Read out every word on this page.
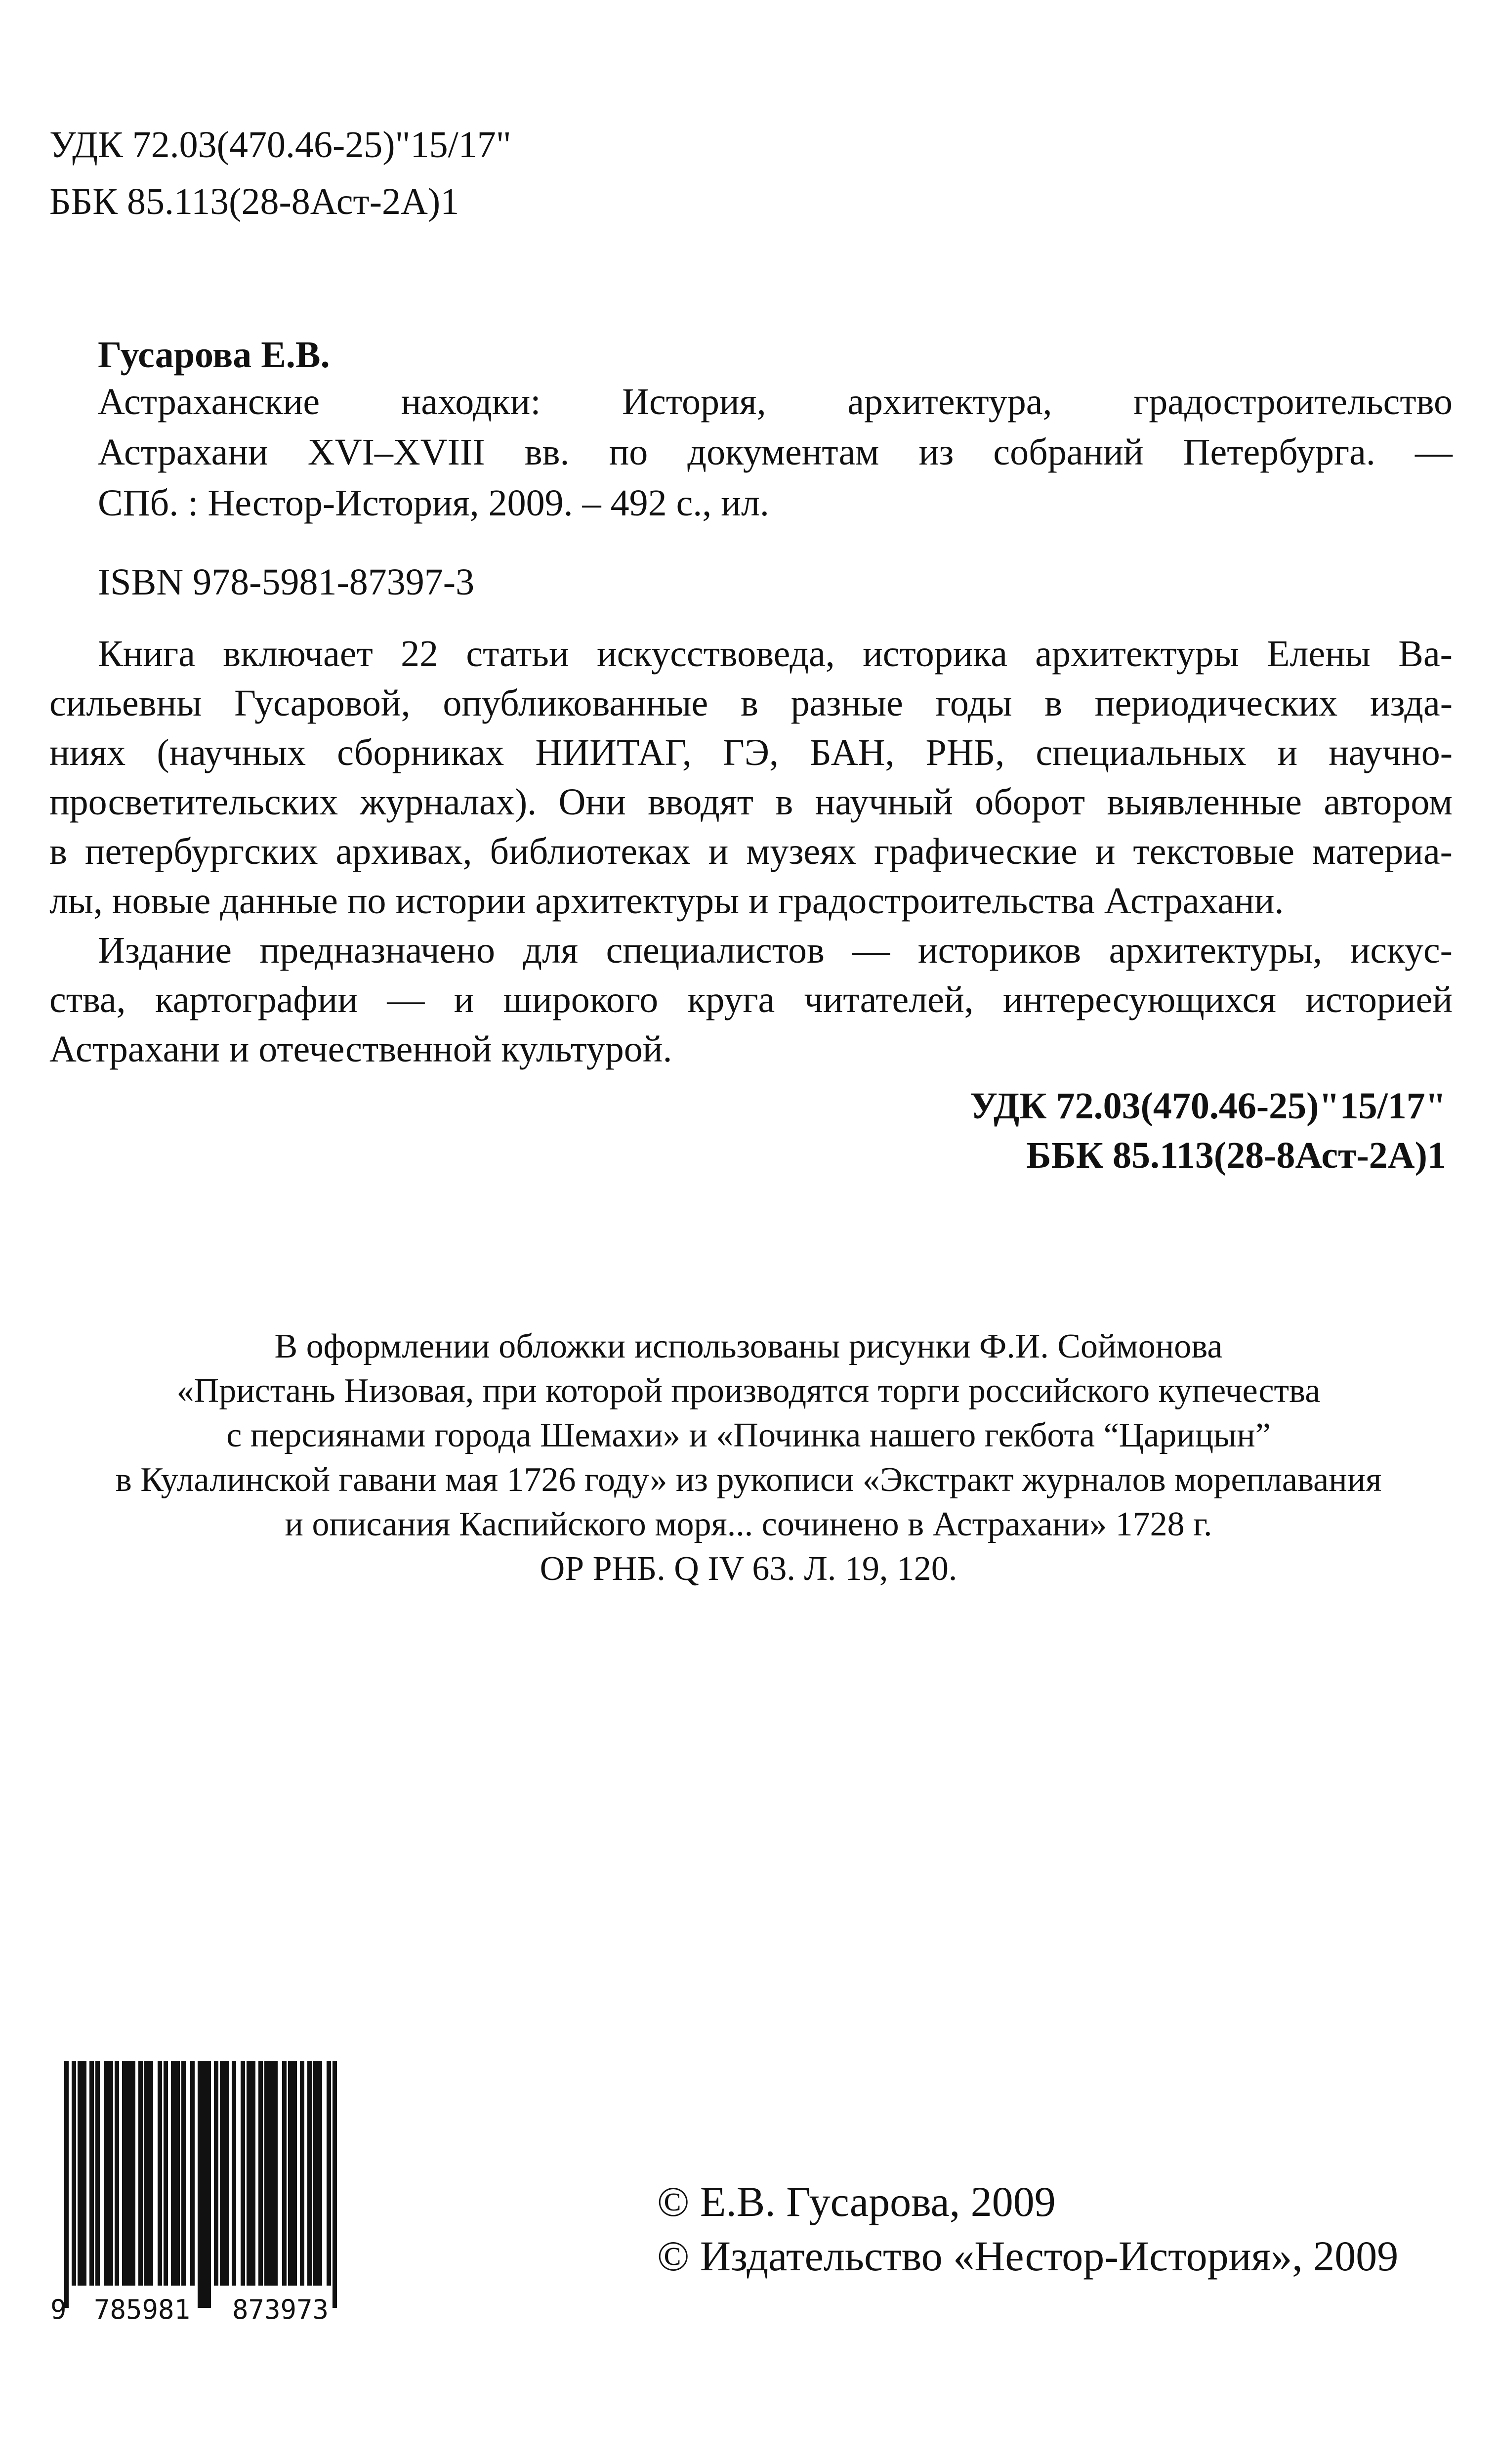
УДК 72.03(470.46-25)"15/17"

ББК 85.113(28-8Аст-2А)1

Гусарова Е.В.

Астраханские находки: История, архитектура, градостроительство

Астрахани XVI–XVIII вв. по документам из собраний Петербурга. —

СПб. : Нестор-История, 2009. – 492 с., ил.

ISBN 978-5981-87397-3

Книга включает 22 статьи искусствоведа, историка архитектуры Елены Ва-

сильевны Гусаровой, опубликованные в разные годы в периодических изда-

ниях (научных сборниках НИИТАГ, ГЭ, БАН, РНБ, специальных и научно-

просветительских журналах). Они вводят в научный оборот выявленные автором

в петербургских архивах, библиотеках и музеях графические и текстовые материа-

лы, новые данные по истории архитектуры и градостроительства Астрахани.

Издание предназначено для специалистов — историков архитектуры, искус-

ства, картографии — и широкого круга читателей, интересующихся историей

Астрахани и отечественной культурой.

УДК 72.03(470.46-25)"15/17"

ББК 85.113(28-8Аст-2А)1

В оформлении обложки использованы рисунки Ф.И. Соймонова

«Пристань Низовая, при которой производятся торги российского купечества

с персиянами города Шемахи» и «Починка нашего гекбота “Царицын”

в Кулалинской гавани мая 1726 году» из рукописи «Экстракт журналов мореплавания

и описания Каспийского моря... сочинено в Астрахани» 1728 г.

ОР РНБ. Q IV 63. Л. 19, 120.

9 785981 873973

© Е.В. Гусарова, 2009

© Издательство «Нестор-История», 2009
